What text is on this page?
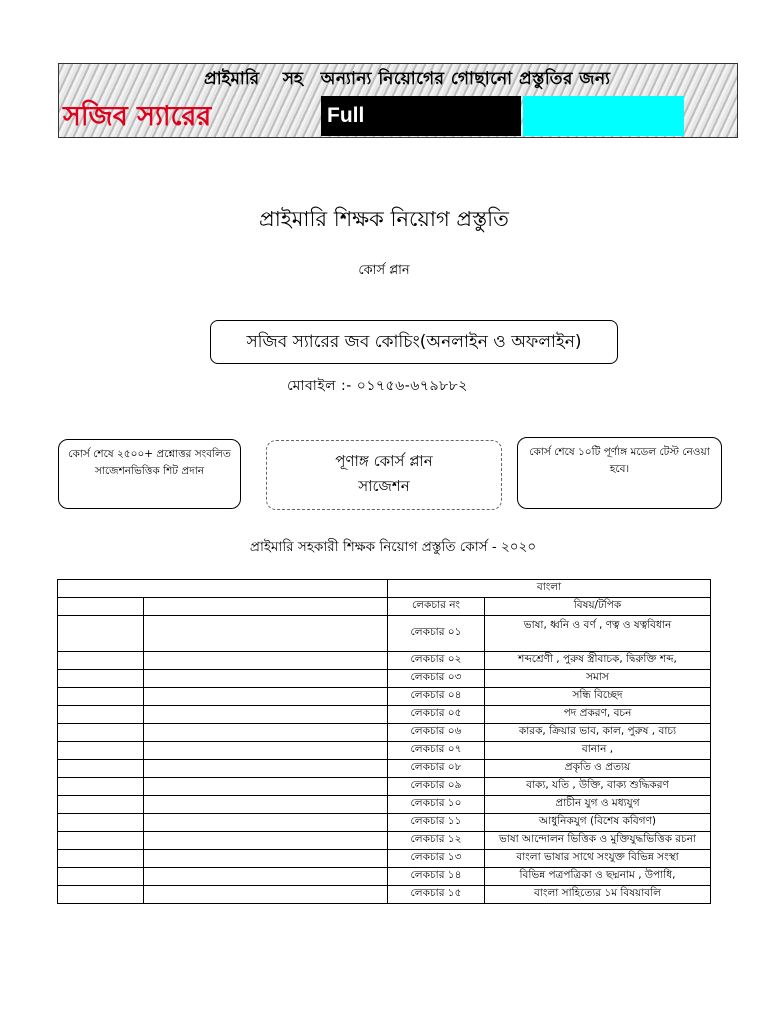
প্রাইমারি সহ অন্যান্য নিয়োগের গোছানো প্রস্তুতির জন্য
সজিব স্যারের	Full
প্রাইমারি শিক্ষক নিয়োগ প্রস্তুতি
কোর্স প্লান
সজিব স্যারের জব কোচিং(অনলাইন ও অফলাইন)
মোবাইল :- ০১৭৫৬-৬৭৯৮৮২
কোর্স শেষে ২৫০০+ প্রশ্নোত্তর সংবলিত সাজেশনভিত্তিক শিট প্রদান
পূণাঙ্গ কোর্স প্লান
সাজেশন
কোর্স শেষে ১০টি পূর্ণাঙ্গ মডেল টেস্ট নেওয়া হবে।
প্রাইমারি সহকারী শিক্ষক নিয়োগ প্রস্তুতি কোর্স - ২০২০
		বাংলা	
		লেকচার নং	বিষয়/টপিক
		লেকচার ০১	ভাষা, ধ্বনি ও বর্ণ , ণত্ব ও ষত্ববিধান
		লেকচার ০২	শব্দশ্রেণী , পুরুষ স্ত্রীবাচক, দ্বিরুক্তি শব্দ,
		লেকচার ০৩	সমাস
		লেকচার ০৪	সন্ধি বিচ্ছেদ
		লেকচার ০৫	পদ প্রকরণ, বচন
		লেকচার ০৬	কারক, ক্রিয়ার ভাব, কাল, পুরুষ , বাচ্য
		লেকচার ০৭	বানান ,
		লেকচার ০৮	প্রকৃতি ও প্রত্যয়
		লেকচার ০৯	বাক্য, যতি , উক্তি, বাক্য শুদ্ধিকরণ
		লেকচার ১০	প্রাচীন যুগ ও মধ্যযুগ
		লেকচার ১১	আধুনিকযুগ (বিশেষ কবিগণ)
		লেকচার ১২	ভাষা আন্দোলন ভিত্তিক ও মুক্তিযুদ্ধভিত্তিক রচনা
		লেকচার ১৩	বাংলা ভাষার সাথে সংযুক্ত বিভিন্ন সংস্থা
		লেকচার ১৪	বিভিন্ন পত্রপত্রিকা ও ছদ্মনাম , উপাধি,
		লেকচার ১৫	বাংলা সাহিত্যের ১ম বিষয়াবলি
